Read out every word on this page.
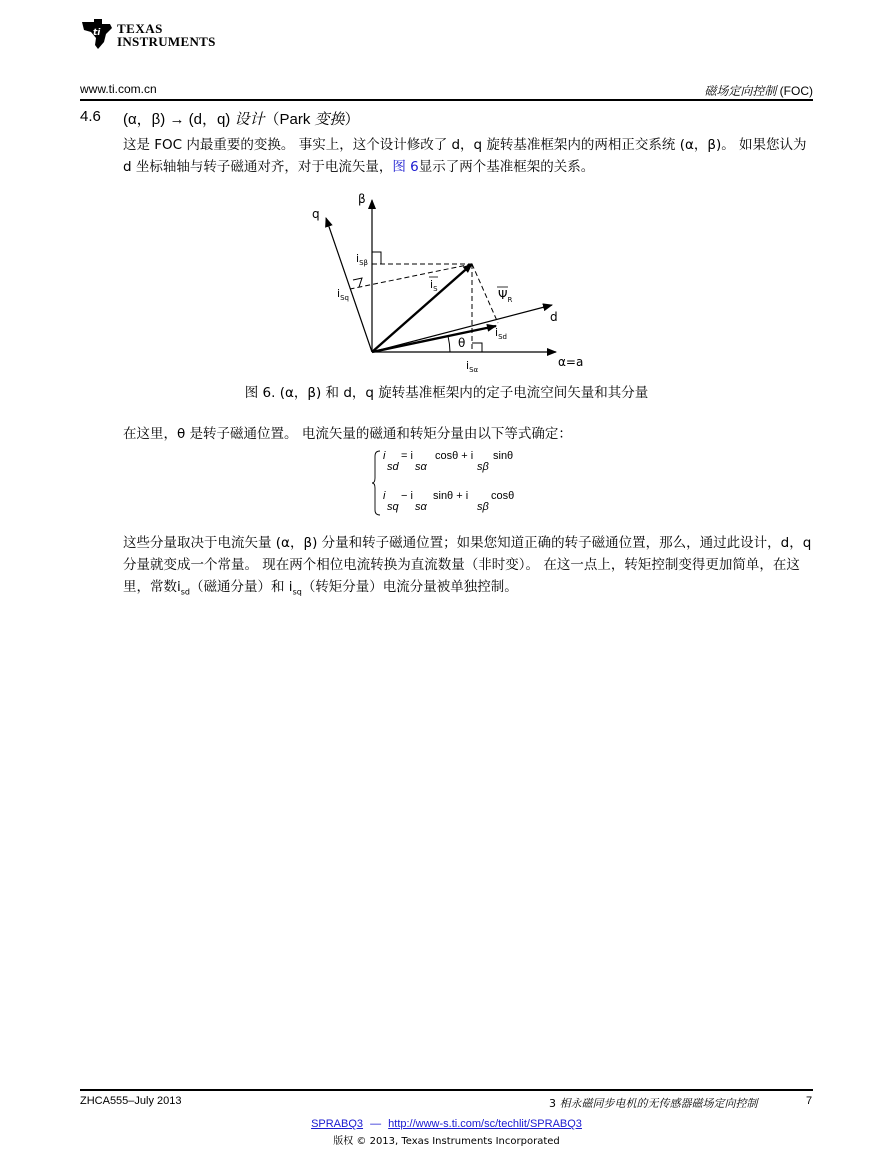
ti TEXAS
INSTRUMENTS
www.ti.com.cn	磁场定向控制 (FOC)
4.6 (α，β) → (d，q) 设计（Park 变换）
这是 FOC 内最重要的变换。 事实上，这个设计修改了 d，q 旋转基准框架内的两相正交系统 (α，β)。 如果您认为 d 坐标轴轴与转子磁通对齐，对于电流矢量，图 6显示了两个基准框架的关系。
β
q
$i_{S\beta}$
$i_{Sq}$
$i_S$	$\Psi_R$
d
$i_{Sd}$
θ
$i_{S\alpha}$
α=a
图 6. (α，β) 和 d，q 旋转基准框架内的定子电流空间矢量和其分量
在这里，θ 是转子磁通位置。 电流矢量的磁通和转矩分量由以下等式确定：
i
sd
= i
sα
cosθ + i
sβ
sinθ
i
sq
− i
sα
sinθ + i
sβ
cosθ
这些分量取决于电流矢量 (α，β) 分量和转子磁通位置；如果您知道正确的转子磁通位置，那么，通过此设计，d，q 分量就变成一个常量。 现在两个相位电流转换为直流数量（非时变）。 在这一点上，转矩控制变得更加简单，在这里，常数$i_{sd}$（磁通分量）和 $i_{sq}$（转矩分量）电流分量被单独控制。
ZHCA555–July 2013	3 相永磁同步电机的无传感器磁场定向控制	7
SPRABQ3 — http://www-s.ti.com/sc/techlit/SPRABQ3
版权 © 2013, Texas Instruments Incorporated
